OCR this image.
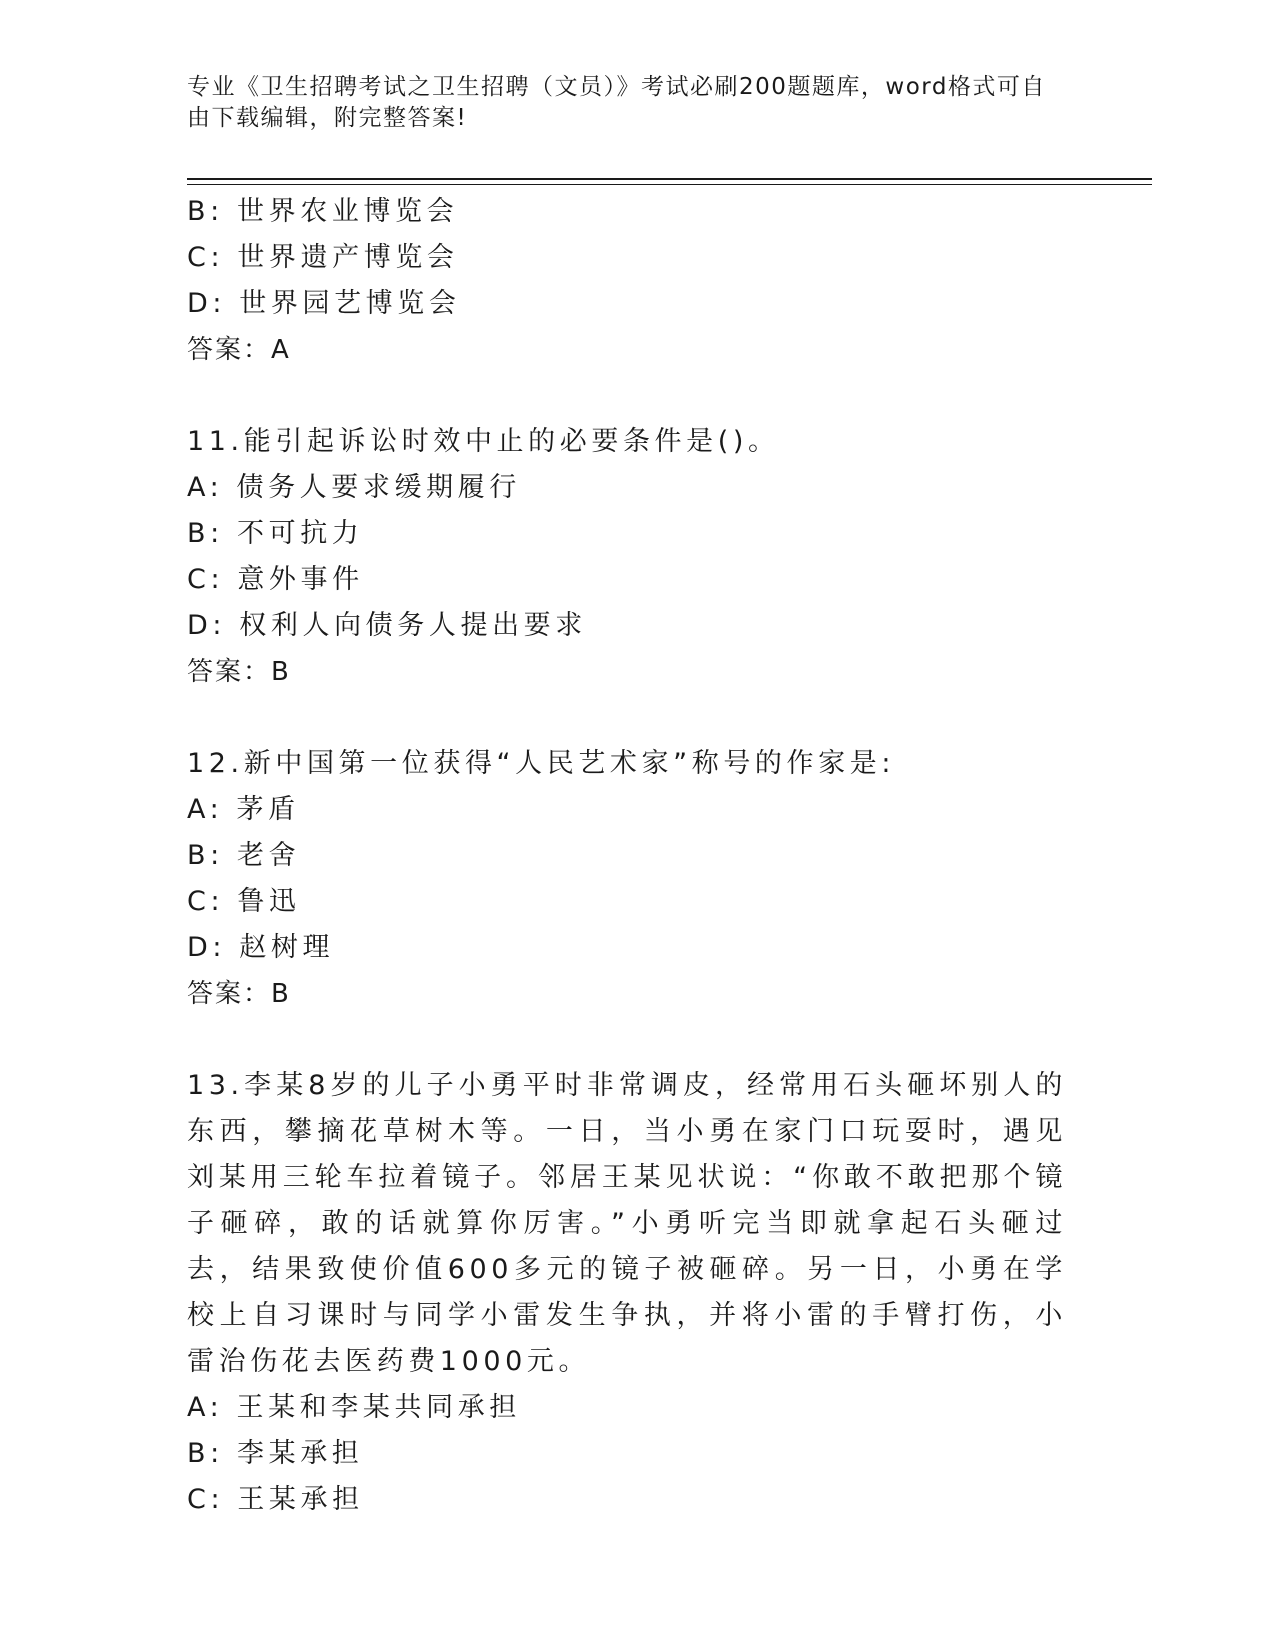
专业《卫生招聘考试之卫生招聘（文员）》考试必刷200题题库，word格式可自由下载编辑，附完整答案!
B: 世界农业博览会
C: 世界遗产博览会
D: 世界园艺博览会
答案：A
11.能引起诉讼时效中止的必要条件是()。
A: 债务人要求缓期履行
B: 不可抗力
C: 意外事件
D: 权利人向债务人提出要求
答案：B
12.新中国第一位获得“人民艺术家”称号的作家是:
A: 茅盾
B: 老舍
C: 鲁迅
D: 赵树理
答案：B
13.李某8岁的儿子小勇平时非常调皮，经常用石头砸坏别人的东西，攀摘花草树木等。一日，当小勇在家门口玩耍时，遇见刘某用三轮车拉着镜子。邻居王某见状说：“你敢不敢把那个镜子砸碎，敢的话就算你厉害。”小勇听完当即就拿起石头砸过去，结果致使价值600多元的镜子被砸碎。另一日，小勇在学校上自习课时与同学小雷发生争执，并将小雷的手臂打伤，小雷治伤花去医药费1000元。
A: 王某和李某共同承担
B: 李某承担
C: 王某承担
